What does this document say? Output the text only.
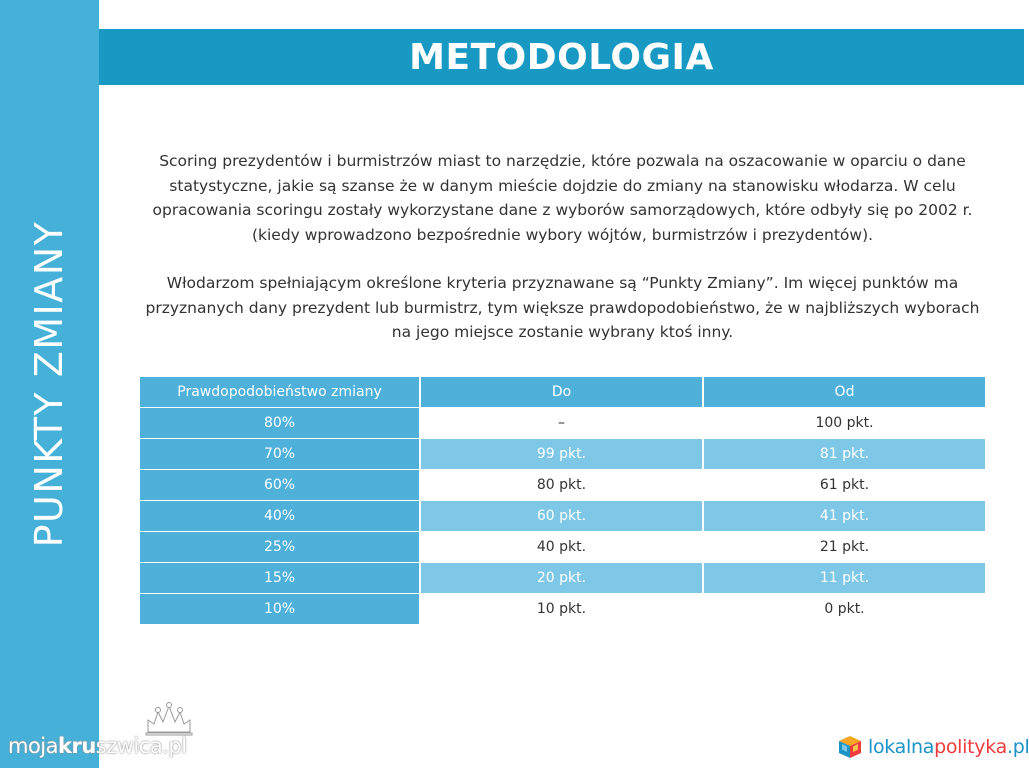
PUNKTY ZMIANY
METODOLOGIA

Scoring prezydentów i burmistrzów miast to narzędzie, które pozwala na oszacowanie w oparciu o dane statystyczne, jakie są szanse że w danym mieście dojdzie do zmiany na stanowisku włodarza. W celu opracowania scoringu zostały wykorzystane dane z wyborów samorządowych, które odbyły się po 2002 r. (kiedy wprowadzono bezpośrednie wybory wójtów, burmistrzów i prezydentów).

Włodarzom spełniającym określone kryteria przyznawane są “Punkty Zmiany”. Im więcej punktów ma przyznanych dany prezydent lub burmistrz, tym większe prawdopodobieństwo, że w najbliższych wyborach na jego miejsce zostanie wybrany ktoś inny.

Prawdopodobieństwo zmiany	Do	Od
80%	–	100 pkt.
70%	99 pkt.	81 pkt.
60%	80 pkt.	61 pkt.
40%	60 pkt.	41 pkt.
25%	40 pkt.	21 pkt.
15%	20 pkt.	11 pkt.
10%	10 pkt.	0 pkt.
mojakruszwica.pl	lokalnapolityka.pl
